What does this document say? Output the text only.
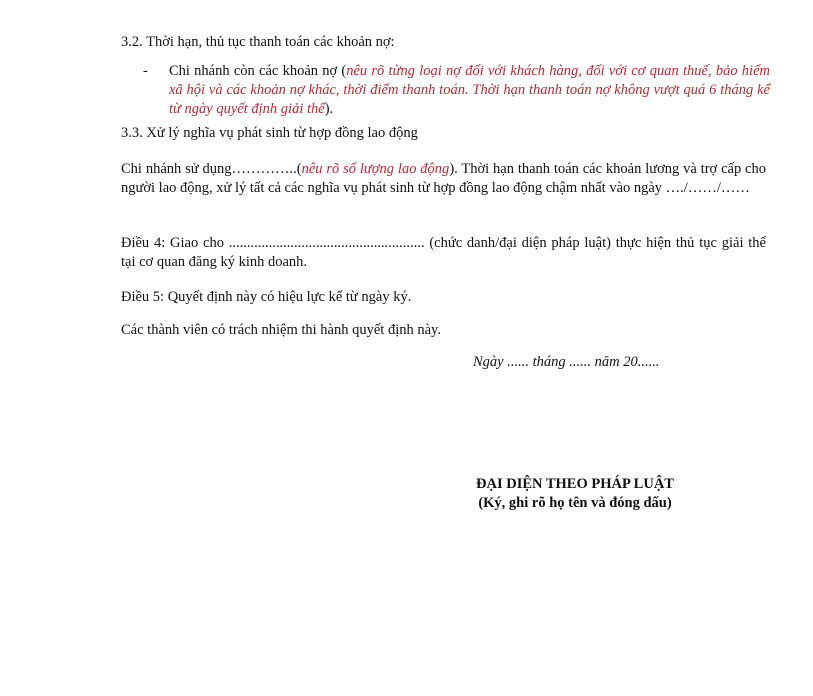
3.2. Thời hạn, thủ tục thanh toán các khoản nợ:
- Chi nhánh còn các khoản nợ (nêu rõ từng loại nợ đối với khách hàng, đối với cơ quan thuế, bảo hiểm xã hội và các khoản nợ khác, thời điểm thanh toán. Thời hạn thanh toán nợ không vượt quá 6 tháng kể từ ngày quyết định giải thể).
3.3. Xử lý nghĩa vụ phát sinh từ hợp đồng lao động
Chi nhánh sử dụng…………..(nêu rõ số lượng lao động). Thời hạn thanh toán các khoản lương và trợ cấp cho người lao động, xử lý tất cả các nghĩa vụ phát sinh từ hợp đồng lao động chậm nhất vào ngày …./……/……
Điều 4: Giao cho ...................................................... (chức danh/đại diện pháp luật) thực hiện thủ tục giải thể tại cơ quan đăng ký kinh doanh.
Điều 5: Quyết định này có hiệu lực kể từ ngày ký.
Các thành viên có trách nhiệm thi hành quyết định này.
Ngày ...... tháng ...... năm 20......
ĐẠI DIỆN THEO PHÁP LUẬT
(Ký, ghi rõ họ tên và đóng dấu)
